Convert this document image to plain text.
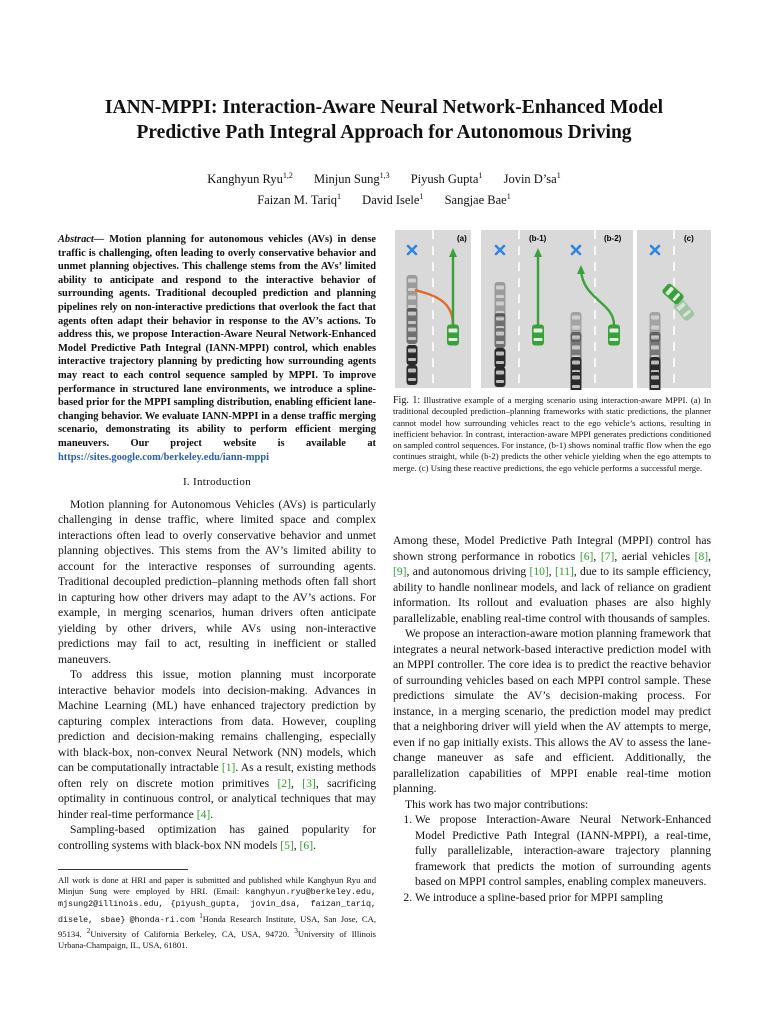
IANN-MPPI: Interaction-Aware Neural Network-Enhanced Model
Predictive Path Integral Approach for Autonomous Driving
Kanghyun Ryu$^{1,2}$ Minjun Sung$^{1,3}$ Piyush Gupta$^1$ Jovin $D’sa^1$
Faizan M. Tariq$^1$ David Isele$^1$ Sangjae Bae$^1$

Abstract— Motion planning for autonomous vehicles (AVs) in dense traffic is challenging, often leading to overly conservative behavior and unmet planning objectives. This challenge stems from the AVs’ limited ability to anticipate and respond to the interactive behavior of surrounding agents. Traditional decoupled prediction and planning pipelines rely on non-interactive predictions that overlook the fact that agents often adapt their behavior in response to the AV’s actions. To address this, we propose Interaction-Aware Neural Network-Enhanced Model Predictive Path Integral (IANN-MPPI) control, which enables interactive trajectory planning by predicting how surrounding agents may react to each control sequence sampled by MPPI. To improve performance in structured lane environments, we introduce a spline-based prior for the MPPI sampling distribution, enabling efficient lane-changing behavior. We evaluate IANN-MPPI in a dense traffic merging scenario, demonstrating its ability to perform efficient merging maneuvers. Our project website is available at https://sites.google.com/berkeley.edu/iann-mppi

I. Introduction

Motion planning for Autonomous Vehicles (AVs) is particularly challenging in dense traffic, where limited space and complex interactions often lead to overly conservative behavior and unmet planning objectives. This stems from the AV’s limited ability to account for the interactive responses of surrounding agents. Traditional decoupled prediction–planning methods often fall short in capturing how other drivers may adapt to the AV’s actions. For example, in merging scenarios, human drivers often anticipate yielding by other drivers, while AVs using non-interactive predictions may fail to act, resulting in inefficient or stalled maneuvers.

To address this issue, motion planning must incorporate interactive behavior models into decision-making. Advances in Machine Learning (ML) have enhanced trajectory prediction by capturing complex interactions from data. However, coupling prediction and decision-making remains challenging, especially with black-box, non-convex Neural Network (NN) models, which can be computationally intractable [1]. As a result, existing methods often rely on discrete motion primitives [2], [3], sacrificing optimality in continuous control, or analytical techniques that may hinder real-time performance [4].

Sampling-based optimization has gained popularity for controlling systems with black-box NN models [5], [6].

All work is done at HRI and paper is submitted and published while Kanghyun Ryu and Minjun Sung were employed by HRI. (Email: kanghyun.ryu@berkeley.edu, mjsung2@illinois.edu, {piyush_gupta, jovin_dsa, faizan_tariq, disele, sbae} @honda-ri.com $^1$Honda Research Institute, USA, San Jose, CA, 95134. $^2$University of California Berkeley, CA, USA, 94720. $^3$University of Illinois Urbana-Champaign, IL, USA, 61801.
(a)	(b-1)	(b-2)	(c)
Fig. 1: Illustrative example of a merging scenario using interaction-aware MPPI. (a) In traditional decoupled prediction–planning frameworks with static predictions, the planner cannot model how surrounding vehicles react to the ego vehicle’s actions, resulting in inefficient behavior. In contrast, interaction-aware MPPI generates predictions conditioned on sampled control sequences. For instance, (b-1) shows nominal traffic flow when the ego continues straight, while (b-2) predicts the other vehicle yielding when the ego attempts to merge. (c) Using these reactive predictions, the ego vehicle performs a successful merge.

Among these, Model Predictive Path Integral (MPPI) control has shown strong performance in robotics [6], [7], aerial vehicles [8], [9], and autonomous driving [10], [11], due to its sample efficiency, ability to handle nonlinear models, and lack of reliance on gradient information. Its rollout and evaluation phases are also highly parallelizable, enabling real-time control with thousands of samples.

We propose an interaction-aware motion planning framework that integrates a neural network-based interactive prediction model with an MPPI controller. The core idea is to predict the reactive behavior of surrounding vehicles based on each MPPI control sample. These predictions simulate the AV’s decision-making process. For instance, in a merging scenario, the prediction model may predict that a neighboring driver will yield when the AV attempts to merge, even if no gap initially exists. This allows the AV to assess the lane-change maneuver as safe and efficient. Additionally, the parallelization capabilities of MPPI enable real-time motion planning.

This work has two major contributions:

1. We propose Interaction-Aware Neural Network-Enhanced Model Predictive Path Integral (IANN-MPPI), a real-time, fully parallelizable, interaction-aware trajectory planning framework that predicts the motion of surrounding agents based on MPPI control samples, enabling complex maneuvers.
2. We introduce a spline-based prior for MPPI sampling
